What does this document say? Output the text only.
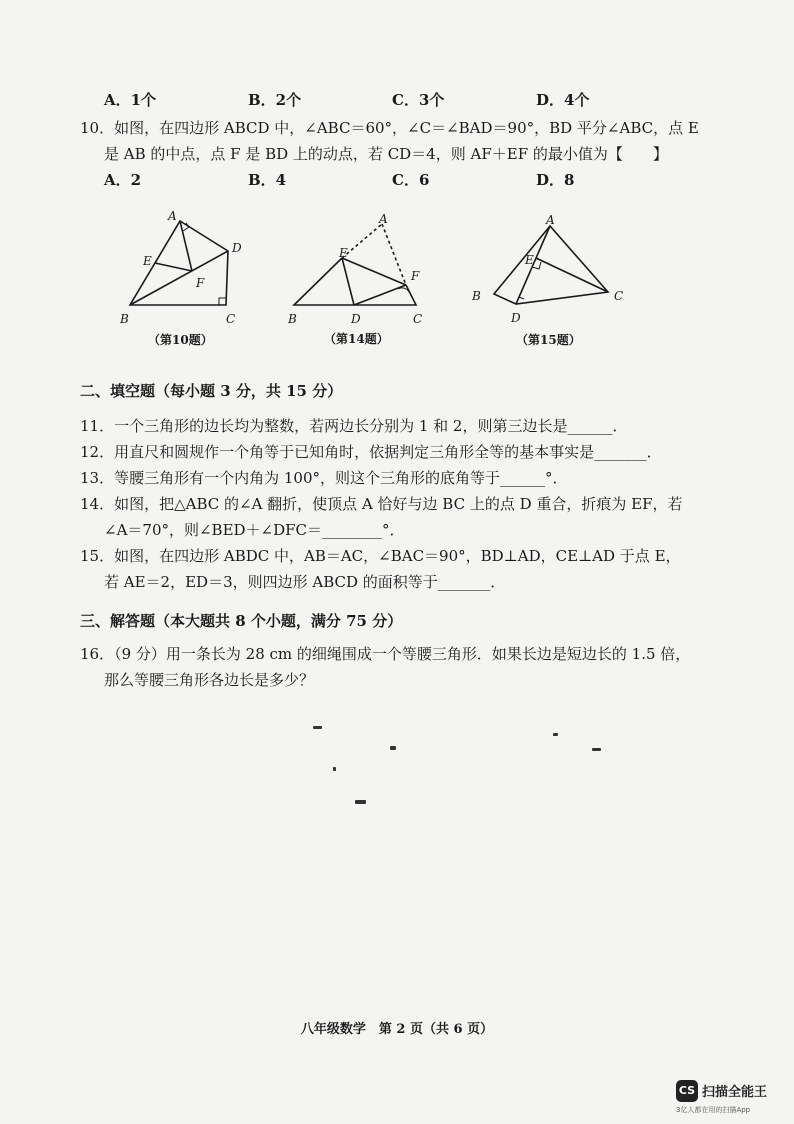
A．1个	B．2个	C．3个	D．4个
10．如图，在四边形 ABCD 中，∠ABC＝60°，∠C＝∠BAD＝90°，BD 平分∠ABC，点 E
是 AB 的中点，点 F 是 BD 上的动点，若 CD＝4，则 AF＋EF 的最小值为【　　】
A．2	B．4	C．6	D．8
A
D
E
F
B	C
（第10题）
A
E
F
B	D	C
（第14题）
A
E
B	C
D
（第15题）
二、填空题（每小题 3 分，共 15 分）
11．一个三角形的边长均为整数，若两边长分别为 1 和 2，则第三边长是______．
12．用直尺和圆规作一个角等于已知角时，依据判定三角形全等的基本事实是_______．
13．等腰三角形有一个内角为 100°，则这个三角形的底角等于______°．
14．如图，把△ABC 的∠A 翻折，使顶点 A 恰好与边 BC 上的点 D 重合，折痕为 EF，若
∠A＝70°，则∠BED＋∠DFC＝________°．
15．如图，在四边形 ABDC 中，AB＝AC，∠BAC＝90°，BD⊥AD，CE⊥AD 于点 E，
若 AE＝2，ED＝3，则四边形 ABCD 的面积等于_______．
三、解答题（本大题共 8 个小题，满分 75 分）
16．（9 分）用一条长为 28 cm 的细绳围成一个等腰三角形．如果长边是短边长的 1.5 倍，
那么等腰三角形各边长是多少？
八年级数学　第 2 页（共 6 页）
CS 扫描全能王
3亿人都在用的扫描App
